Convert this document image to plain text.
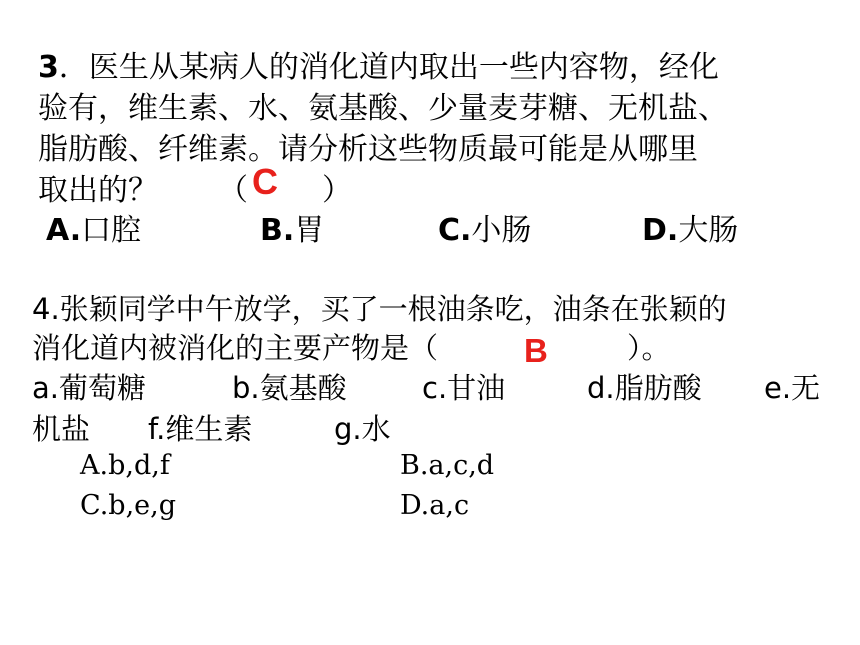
3．医生从某病人的消化道内取出一些内容物，经化
验有，维生素、水、氨基酸、少量麦芽糖、无机盐、
脂肪酸、纤维素。请分析这些物质最可能是从哪里
取出的？ （ C ）
A.口腔	B.胃	C.小肠	D.大肠
4.张颖同学中午放学，买了一根油条吃，油条在张颖的
消化道内被消化的主要产物是（	B	）。
a.葡萄糖	b.氨基酸	c.甘油	d.脂肪酸 e.无
机盐 f.维生素	g.水
A.b,d,f	B.a,c,d
C.b,e,g	D.a,c
